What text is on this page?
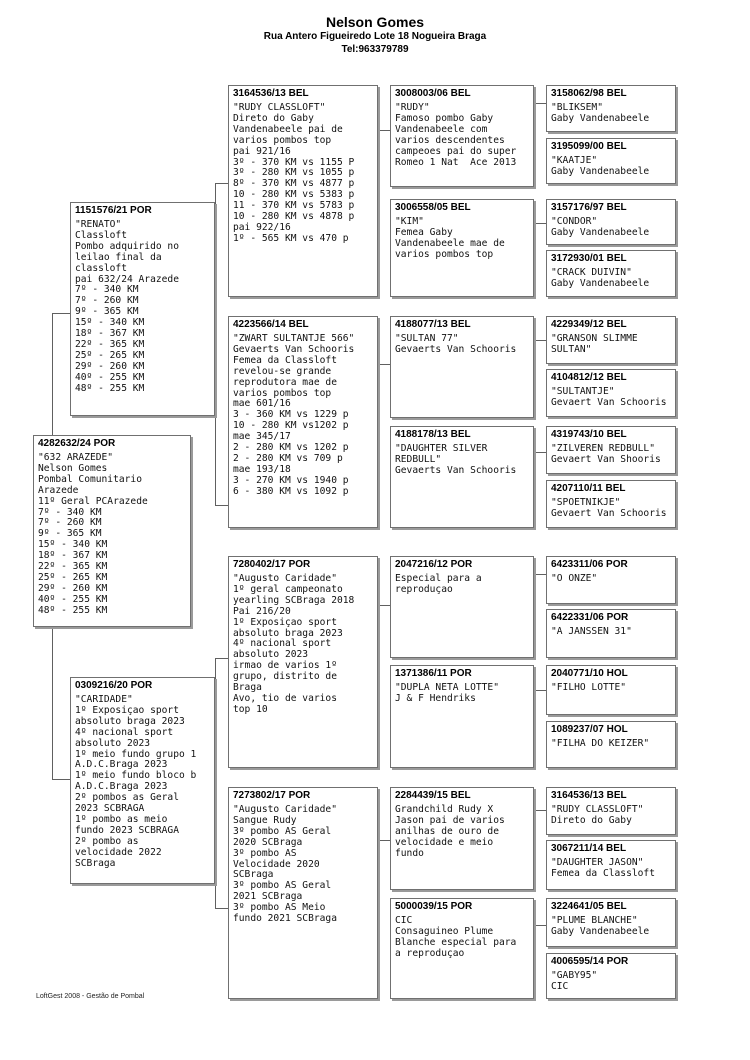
Nelson Gomes
Rua Antero Figueiredo Lote 18 Nogueira Braga
Tel:963379789
4282632/24 POR
"632 ARAZEDE"
Nelson Gomes
Pombal Comunitario
Arazede
11º Geral PCArazede
7º - 340 KM
7º - 260 KM
9º - 365 KM
15º - 340 KM
18º - 367 KM
22º - 365 KM
25º - 265 KM
29º - 260 KM
40º - 255 KM
48º - 255 KM
1151576/21 POR
"RENATO"
Classloft
Pombo adquirido no
leilao final da
classloft
pai 632/24 Arazede
7º - 340 KM
7º - 260 KM
9º - 365 KM
15º - 340 KM
18º - 367 KM
22º - 365 KM
25º - 265 KM
29º - 260 KM
40º - 255 KM
48º - 255 KM
0309216/20 POR
"CARIDADE"
1º Exposiçao sport
absoluto braga 2023
4º nacional sport
absoluto 2023
1º meio fundo grupo 1
A.D.C.Braga 2023
1º meio fundo bloco b
A.D.C.Braga 2023
2º pombos as Geral
2023 SCBRAGA
1º pombo as meio
fundo 2023 SCBRAGA
2º pombo as
velocidade 2022
SCBraga
3164536/13 BEL
"RUDY CLASSLOFT"
Direto do Gaby
Vandenabeele pai de
varios pombos top
pai 921/16
3º - 370 KM vs 1155 P
3º - 280 KM vs 1055 p
8º - 370 KM vs 4877 p
10 - 280 KM vs 5383 p
11 - 370 KM vs 5783 p
10 - 280 KM vs 4878 p
pai 922/16
1º - 565 KM vs 470 p
4223566/14 BEL
"ZWART SULTANTJE 566"
Gevaerts Van Schooris
Femea da Classloft
revelou-se grande
reprodutora mae de
varios pombos top
mae 601/16
3 - 360 KM vs 1229 p
10 - 280 KM vs1202 p
mae 345/17
2 - 280 KM vs 1202 p
2 - 280 KM vs 709 p
mae 193/18
3 - 270 KM vs 1940 p
6 - 380 KM vs 1092 p
7280402/17 POR
"Augusto Caridade"
1º geral campeonato
yearling SCBraga 2018
Pai 216/20
1º Exposiçao sport
absoluto braga 2023
4º nacional sport
absoluto 2023
irmao de varios 1º
grupo, distrito de
Braga
Avo, tio de varios
top 10
7273802/17 POR
"Augusto Caridade"
Sangue Rudy
3º pombo AS Geral
2020 SCBraga
3º pombo AS
Velocidade 2020
SCBraga
3º pombo AS Geral
2021 SCBraga
3º pombo AS Meio
fundo 2021 SCBraga
3008003/06 BEL
"RUDY"
Famoso pombo Gaby
Vandenabeele com
varios descendentes
campeoes pai do super
Romeo 1 Nat  Ace 2013
3006558/05 BEL
"KIM"
Femea Gaby
Vandenabeele mae de
varios pombos top
4188077/13 BEL
"SULTAN 77"
Gevaerts Van Schooris
4188178/13 BEL
"DAUGHTER SILVER
REDBULL"
Gevaerts Van Schooris
2047216/12 POR
Especial para a
reproduçao
1371386/11 POR
"DUPLA NETA LOTTE"
J & F Hendriks
2284439/15 BEL
Grandchild Rudy X
Jason pai de varios
anilhas de ouro de
velocidade e meio
fundo
5000039/15 POR
CIC
Consaguineo Plume
Blanche especial para
a reproduçao
3158062/98 BEL
"BLIKSEM"
Gaby Vandenabeele
3195099/00 BEL
"KAATJE"
Gaby Vandenabeele
3157176/97 BEL
"CONDOR"
Gaby Vandenabeele
3172930/01 BEL
"CRACK DUIVIN"
Gaby Vandenabeele
4229349/12 BEL
"GRANSON SLIMME
SULTAN"
4104812/12 BEL
"SULTANTJE"
Gevaert Van Schooris
4319743/10 BEL
"ZILVEREN REDBULL"
Gevaert Van Shooris
4207110/11 BEL
"SPOETNIKJE"
Gevaert Van Schooris
6423311/06 POR
"O ONZE"
6422331/06 POR
"A JANSSEN 31"
2040771/10 HOL
"FILHO LOTTE"
1089237/07 HOL
"FILHA DO KEIZER"
3164536/13 BEL
"RUDY CLASSLOFT"
Direto do Gaby
3067211/14 BEL
"DAUGHTER JASON"
Femea da Classloft
3224641/05 BEL
"PLUME BLANCHE"
Gaby Vandenabeele
4006595/14 POR
"GABY95"
CIC
LoftGest 2008 - Gestão de Pombal
